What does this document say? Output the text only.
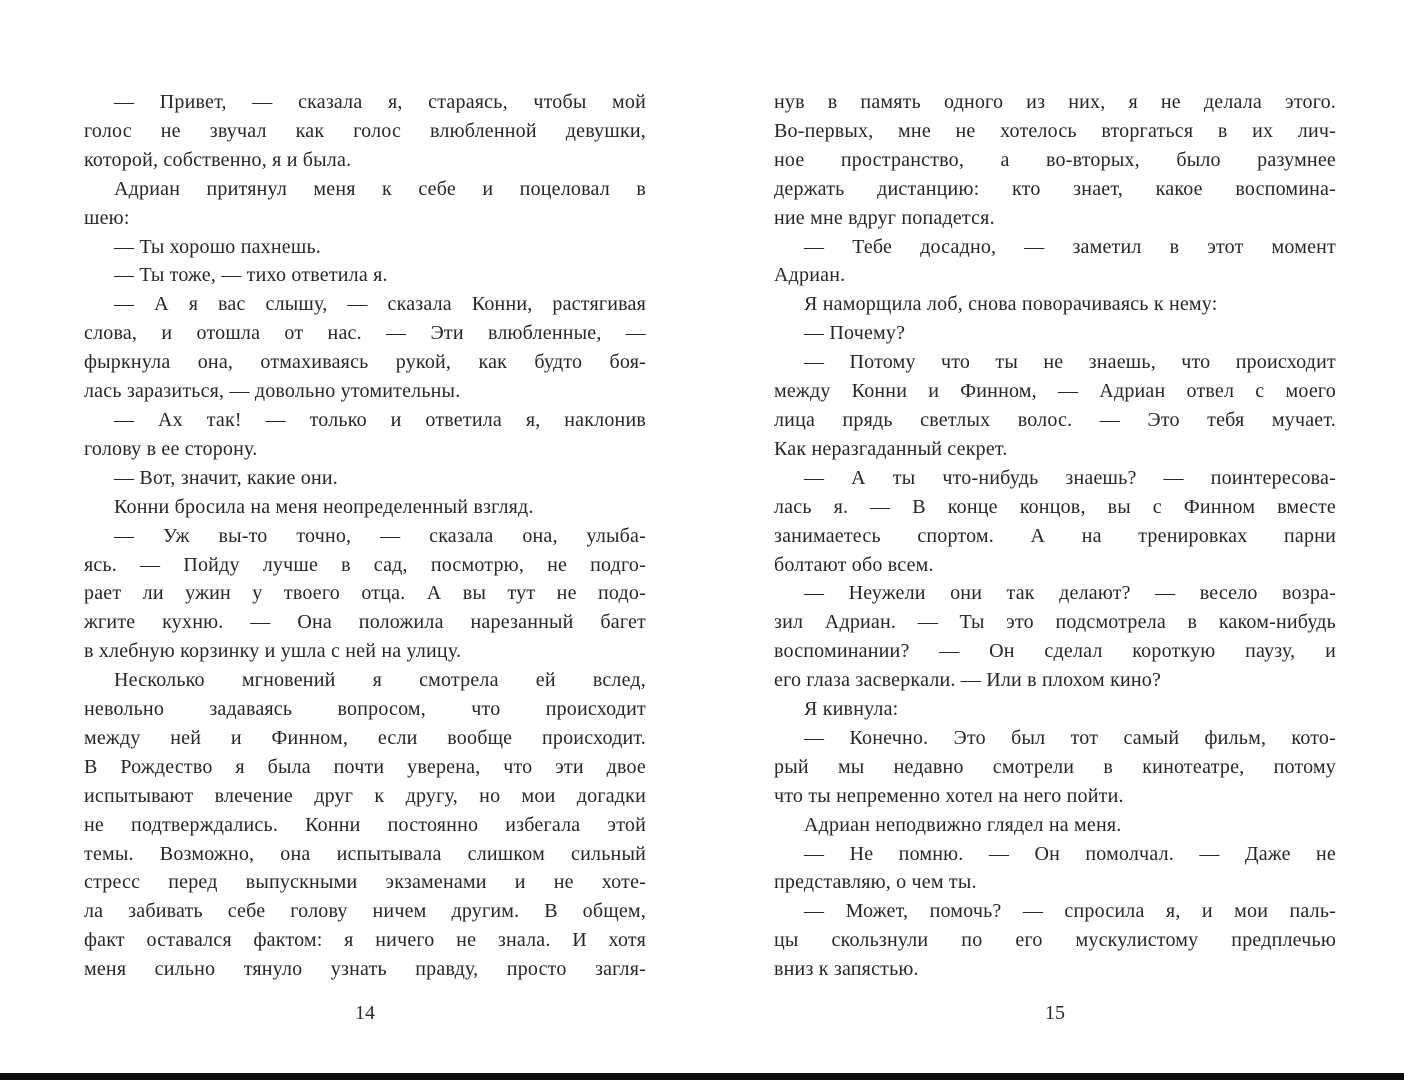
— Привет, — сказала я, стараясь, чтобы мой
голос не звучал как голос влюбленной девушки,
которой, собственно, я и была.

Адриан притянул меня к себе и поцеловал в
шею:

— Ты хорошо пахнешь.

— Ты тоже, — тихо ответила я.

— А я вас слышу, — сказала Конни, растягивая
слова, и отошла от нас. — Эти влюбленные, —
фыркнула она, отмахиваясь рукой, как будто боя-
лась заразиться, — довольно утомительны.

— Ах так! — только и ответила я, наклонив
голову в ее сторону.

— Вот, значит, какие они.

Конни бросила на меня неопределенный взгляд.

— Уж вы-то точно, — сказала она, улыба-
ясь. — Пойду лучше в сад, посмотрю, не подго-
рает ли ужин у твоего отца. А вы тут не подо-
жгите кухню. — Она положила нарезанный багет
в хлебную корзинку и ушла с ней на улицу.

Несколько мгновений я смотрела ей вслед,
невольно задаваясь вопросом, что происходит
между ней и Финном, если вообще происходит.
В Рождество я была почти уверена, что эти двое
испытывают влечение друг к другу, но мои догадки
не подтверждались. Конни постоянно избегала этой
темы. Возможно, она испытывала слишком сильный
стресс перед выпускными экзаменами и не хоте-
ла забивать себе голову ничем другим. В общем,
факт оставался фактом: я ничего не знала. И хотя
меня сильно тянуло узнать правду, просто загля-

14

нув в память одного из них, я не делала этого.
Во-первых, мне не хотелось вторгаться в их лич-
ное пространство, а во-вторых, было разумнее
держать дистанцию: кто знает, какое воспомина-
ние мне вдруг попадется.

— Тебе досадно, — заметил в этот момент
Адриан.

Я наморщила лоб, снова поворачиваясь к нему:

— Почему?

— Потому что ты не знаешь, что происходит
между Конни и Финном, — Адриан отвел с моего
лица прядь светлых волос. — Это тебя мучает.
Как неразгаданный секрет.

— А ты что-нибудь знаешь? — поинтересова-
лась я. — В конце концов, вы с Финном вместе
занимаетесь спортом. А на тренировках парни
болтают обо всем.

— Неужели они так делают? — весело возра-
зил Адриан. — Ты это подсмотрела в каком-нибудь
воспоминании? — Он сделал короткую паузу, и
его глаза засверкали. — Или в плохом кино?

Я кивнула:

— Конечно. Это был тот самый фильм, кото-
рый мы недавно смотрели в кинотеатре, потому
что ты непременно хотел на него пойти.

Адриан неподвижно глядел на меня.

— Не помню. — Он помолчал. — Даже не
представляю, о чем ты.

— Может, помочь? — спросила я, и мои паль-
цы скользнули по его мускулистому предплечью
вниз к запястью.

15
